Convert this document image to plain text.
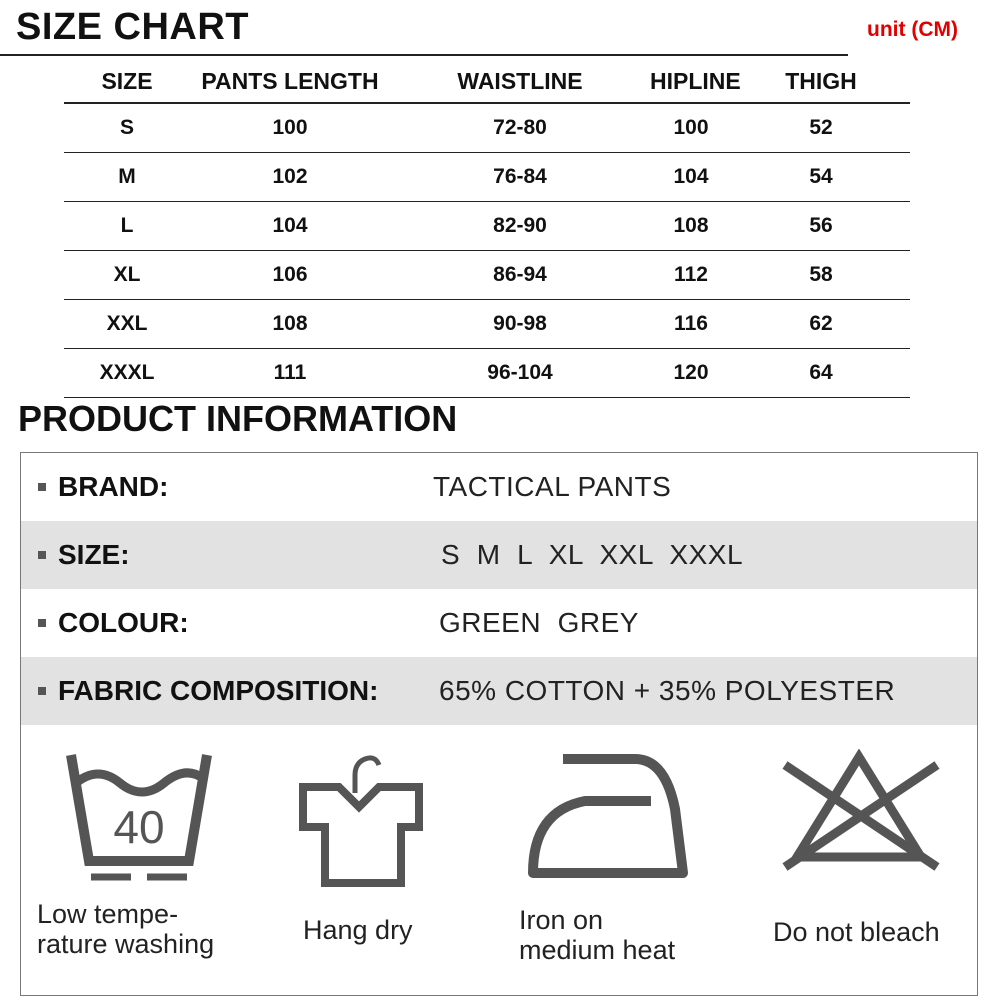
SIZE CHART	unit (CM)
SIZE	PANTS LENGTH	WAISTLINE	HIPLINE	THIGH
S	100	72-80	100	52
M	102	76-84	104	54
L	104	82-90	108	56
XL	106	86-94	112	58
XXL	108	90-98	116	62
XXXL	111	96-104	120	64
PRODUCT INFORMATION
BRAND:	TACTICAL PANTS
SIZE:	S  M  L  XL  XXL  XXXL
COLOUR:	GREEN  GREY
FABRIC COMPOSITION:	65% COTTON + 35% POLYESTER
40
Low tempe-
rature washing	Hang dry	Iron on
medium heat
Do not bleach
